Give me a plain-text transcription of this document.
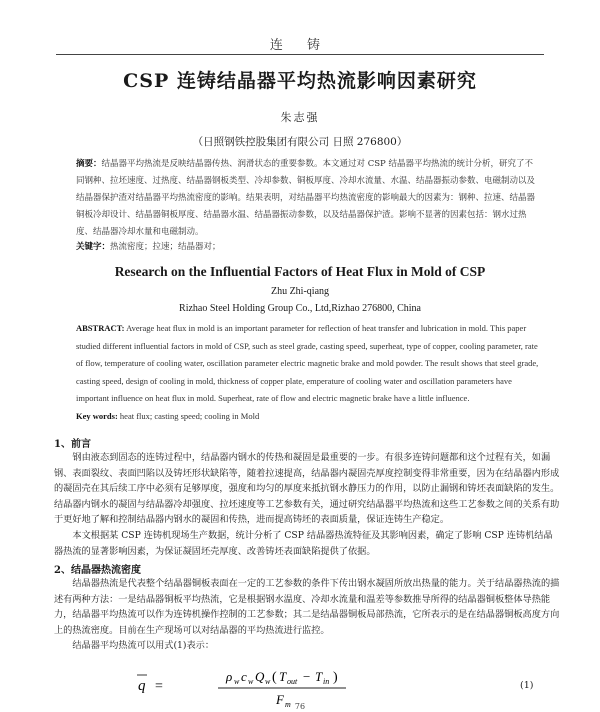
连 铸
CSP 连铸结晶器平均热流影响因素研究
朱志强
（日照钢铁控股集团有限公司 日照 276800）
摘要：结晶器平均热流是反映结晶器传热、润滑状态的重要参数。本文通过对 CSP 结晶器平均热流的统计分析，研究了不同钢种、拉坯速度、过热度、结晶器钢板类型、冷却参数、铜板厚度、冷却水流量、水温、结晶器振动参数、电磁制动以及结晶器保护渣对结晶器平均热流密度的影响。结果表明，对结晶器平均热流密度的影响最大的因素为：钢种、拉速、结晶器铜板冷却设计、结晶器铜板厚度、结晶器水温、结晶器振动参数，以及结晶器保护渣。影响不显著的因素包括：钢水过热度、结晶器冷却水量和电磁制动。
关键字：热流密度；拉速；结晶器对；
Research on the Influential Factors of Heat Flux in Mold of CSP
Zhu Zhi-qiang
Rizhao Steel Holding Group Co., Ltd,Rizhao 276800, China
ABSTRACT: Average heat flux in mold is an important parameter for reflection of heat transfer and lubrication in mold. This paper studied different influential factors in mold of CSP, such as steel grade, casting speed, superheat, type of copper, cooling parameter, rate of flow, temperature of cooling water, oscillation parameter electric magnetic brake and mold powder. The result shows that steel grade, casting speed, design of cooling in mold, thickness of copper plate, emperature of cooling water and oscillation parameters have important influence on heat flux in mold. Superheat, rate of flow and electric magnetic brake have a little influence.
Key words: heat flux; casting speed; cooling in Mold
1、前言

钢由液态到固态的连铸过程中，结晶器内钢水的传热和凝固是最重要的一步。有很多连铸问题都和这个过程有关，如漏钢、表面裂纹、表面凹陷以及铸坯形状缺陷等，随着拉速提高，结晶器内凝固壳厚度控制变得非常重要，因为在结晶器内形成的凝固壳在其后续工序中必须有足够厚度，强度和均匀的厚度来抵抗钢水静压力的作用，以防止漏钢和铸坯表面缺陷的发生。结晶器内钢水的凝固与结晶器冷却强度、拉坯速度等工艺参数有关，通过研究结晶器平均热流和这些工艺参数之间的关系有助于更好地了解和控制结晶器内钢水的凝固和传热，进而提高铸坯的表面质量，保证连铸生产稳定。

本文根据某 CSP 连铸机现场生产数据，统计分析了 CSP 结晶器热流特征及其影响因素，确定了影响 CSP 连铸机结晶器热流的显著影响因素，为保证凝固坯壳厚度、改善铸坯表面缺陷提供了依据。

2、结晶器热流密度

结晶器热流是代表整个结晶器铜板表面在一定的工艺参数的条件下传出钢水凝固所放出热量的能力。关于结晶器热流的描述有两种方法：一是结晶器铜板平均热流，它是根据钢水温度、冷却水流量和温差等参数推导所得的结晶器铜板整体导热能力，结晶器平均热流可以作为连铸机操作控制的工艺参数；其二是结晶器铜板局部热流，它所表示的是在结晶器铜板高度方向上的热流密度。目前在生产现场可以对结晶器的平均热流进行监控。

结晶器平均热流可以用式(1)表示：

q =
ρ w c w Q w ( T out − T in )
F m
(1)
76
